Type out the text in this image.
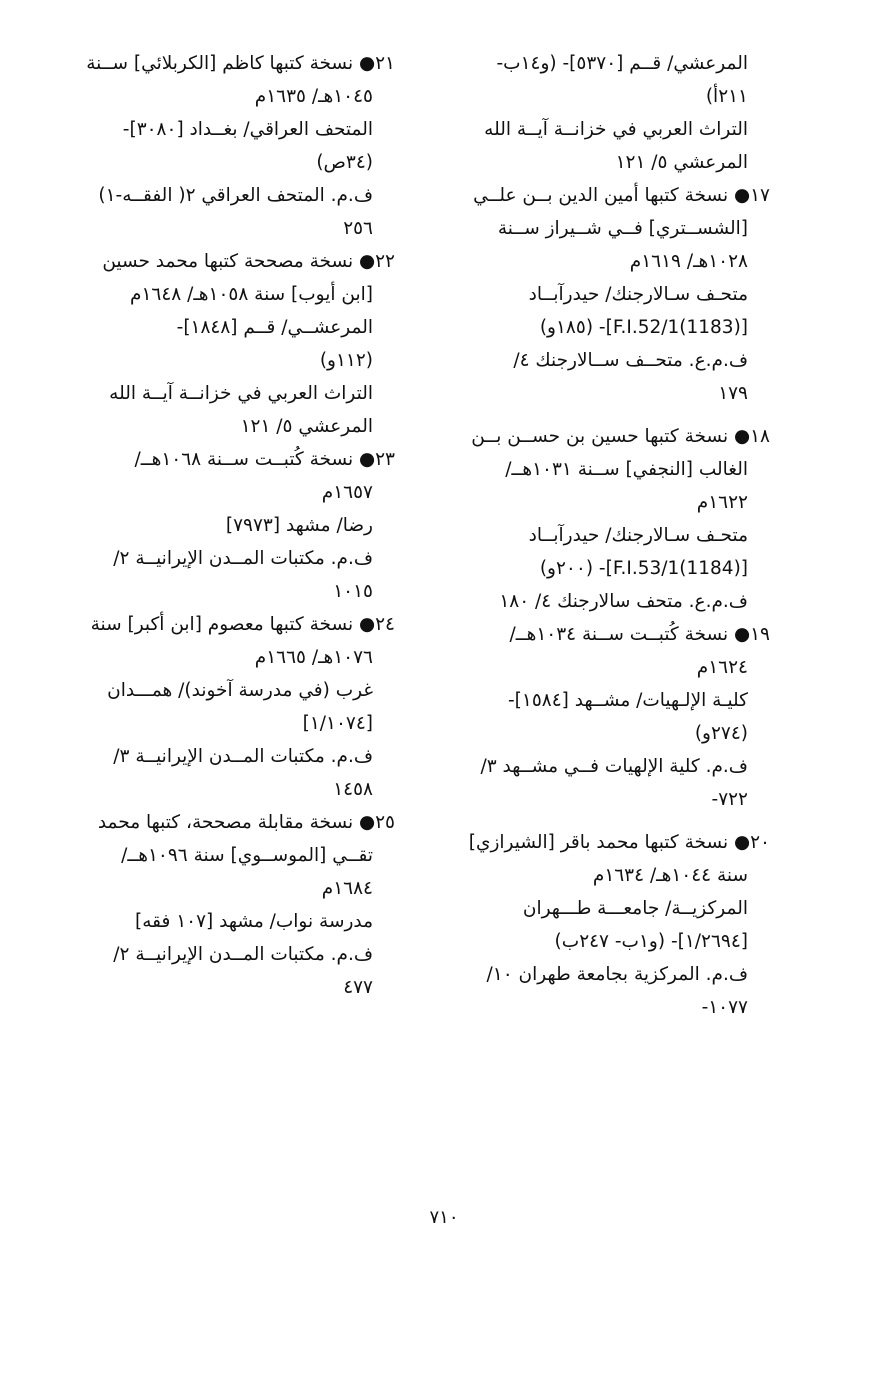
المرعشي/ قــم [٥٣٧٠]- (و١٤ب-
٢١١أ)
التراث العربي في خزانــة آيــة الله
المرعشي ٥/ ١٢١
١٧● نسخة كتبها أمين الدين بــن علــي
[الشســتري] فــي شــيراز ســنة
١٠٢٨هـ/ ١٦١٩م
متحـف سـالارجنك/ حيدرآبــاد
[(1183)F.I.52/1]- (١٨٥و)
ف.م.ع. متحــف ســالارجنك ٤/
١٧٩
١٨● نسخة كتبها حسين بن حســن بــن
الغالب [النجفي] ســنة ١٠٣١هــ/
١٦٢٢م
متحـف سـالارجنك/ حيدرآبــاد
[(1184)F.I.53/1]- (٢٠٠و)
ف.م.ع. متحف سالارجنك ٤/ ١٨٠
١٩● نسخة كُتبــت ســنة ١٠٣٤هــ/
١٦٢٤م
كليـة الإلـهيات/ مشــهد [١٥٨٤]-
(٢٧٤و)
ف.م. كلية الإلهيات فــي مشــهد ٣/
٧٢٢-
٢٠● نسخة كتبها محمد باقر [الشيرازي]
سنة ١٠٤٤هـ/ ١٦٣٤م
المركزيــة/ جامعـــة طـــهران
[١/٢٦٩٤]- (و١ب- ٢٤٧ب)
ف.م. المركزية بجامعة طهران ١٠/
١٠٧٧-
٢١● نسخة كتبها كاظم [الكربلائي] ســنة
١٠٤٥هـ/ ١٦٣٥م
المتحف العراقي/ بغــداد [٣٠٨٠]-
(٣٤ص)
ف.م. المتحف العراقي ٢( الفقــه-١)
٢٥٦
٢٢● نسخة مصححة كتبها محمد حسين
[ابن أيوب] سنة ١٠٥٨هـ/ ١٦٤٨م
المرعشــي/ قــم [١٨٤٨]-
(١١٢و)
التراث العربي في خزانــة آيــة الله
المرعشي ٥/ ١٢١
٢٣● نسخة كُتبــت ســنة ١٠٦٨هــ/
١٦٥٧م
رضا/ مشهد [٧٩٧٣]
ف.م. مكتبات المــدن الإيرانيــة ٢/
١٠١٥
٢٤● نسخة كتبها معصوم [ابن أكبر] سنة
١٠٧٦هـ/ ١٦٦٥م
غرب (في مدرسة آخوند)/ همـــدان
[١/١٠٧٤]
ف.م. مكتبات المــدن الإيرانيــة ٣/
١٤٥٨
٢٥● نسخة مقابلة مصححة، كتبها محمد
تقــي [الموســوي] سنة ١٠٩٦هــ/
١٦٨٤م
مدرسة نواب/ مشهد [١٠٧ فقه]
ف.م. مكتبات المــدن الإيرانيــة ٢/
٤٧٧
٧١٠
